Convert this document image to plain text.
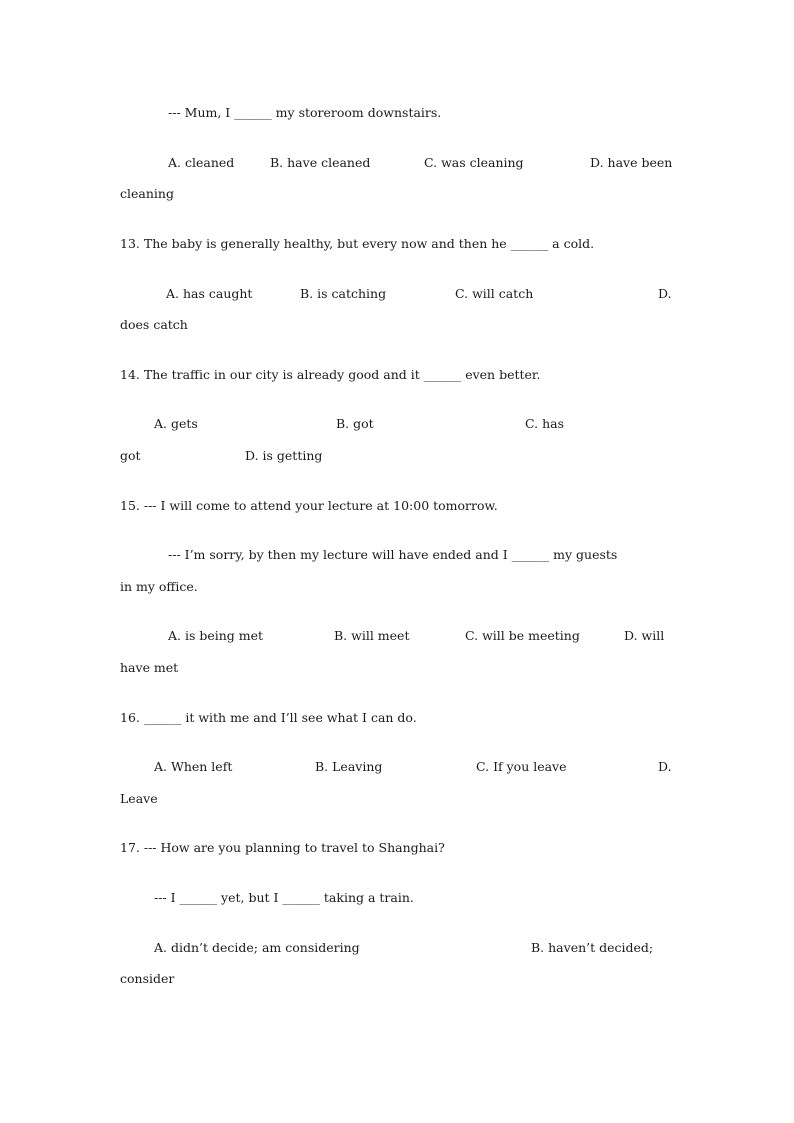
--- Mum, I ______ my storeroom downstairs.
A. cleaned	B. have cleaned	C. was cleaning	D. have been
cleaning
13. The baby is generally healthy, but every now and then he ______ a cold.
A. has caught	B. is catching	C. will catch	D.
does catch
14. The traffic in our city is already good and it ______ even better.
A. gets	B. got	C. has
got	D. is getting
15. --- I will come to attend your lecture at 10:00 tomorrow.
--- I’m sorry, by then my lecture will have ended and I ______ my guests
in my office.
A. is being met	B. will meet	C. will be meeting	D. will
have met
16. ______ it with me and I’ll see what I can do.
A. When left	B. Leaving	C. If you leave	D.
Leave
17. --- How are you planning to travel to Shanghai?
--- I ______ yet, but I ______ taking a train.
A. didn’t decide; am considering	B. haven’t decided;
consider
